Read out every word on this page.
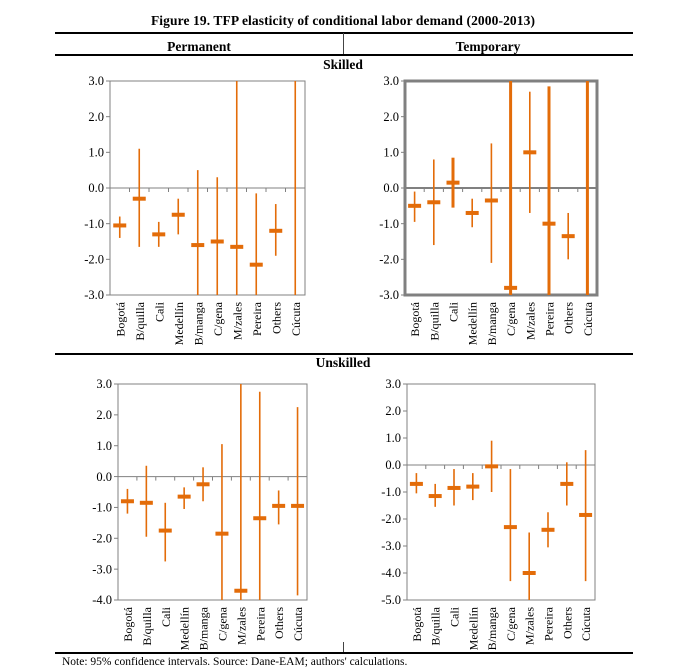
Figure 19. TFP elasticity of conditional labor demand (2000-2013)
Permanent	Temporary
Skilled
3.0
2.0
1.0
0.0
-1.0
-2.0
-3.0
Bogotá B/quilla Cali Medellín B/manga C/gena M/zales Pereira Others Cúcuta
3.0
2.0
1.0
0.0
-1.0
-2.0
-3.0
Bogotá B/quilla Cali Medellín B/manga C/gena M/zales Pereira Others Cúcuta
Unskilled
3.0
2.0
1.0
0.0
-1.0
-2.0
-3.0
-4.0
Bogotá B/quilla Cali Medellín B/manga C/gena M/zales Pereira Others Cúcuta
3.0
2.0
1.0
0.0
-1.0
-2.0
-3.0
-4.0
-5.0
Bogotá B/quilla Cali Medellín B/manga C/gena M/zales Pereira Others Cúcuta
Note: 95% confidence intervals. Source: Dane-EAM; authors' calculations.
